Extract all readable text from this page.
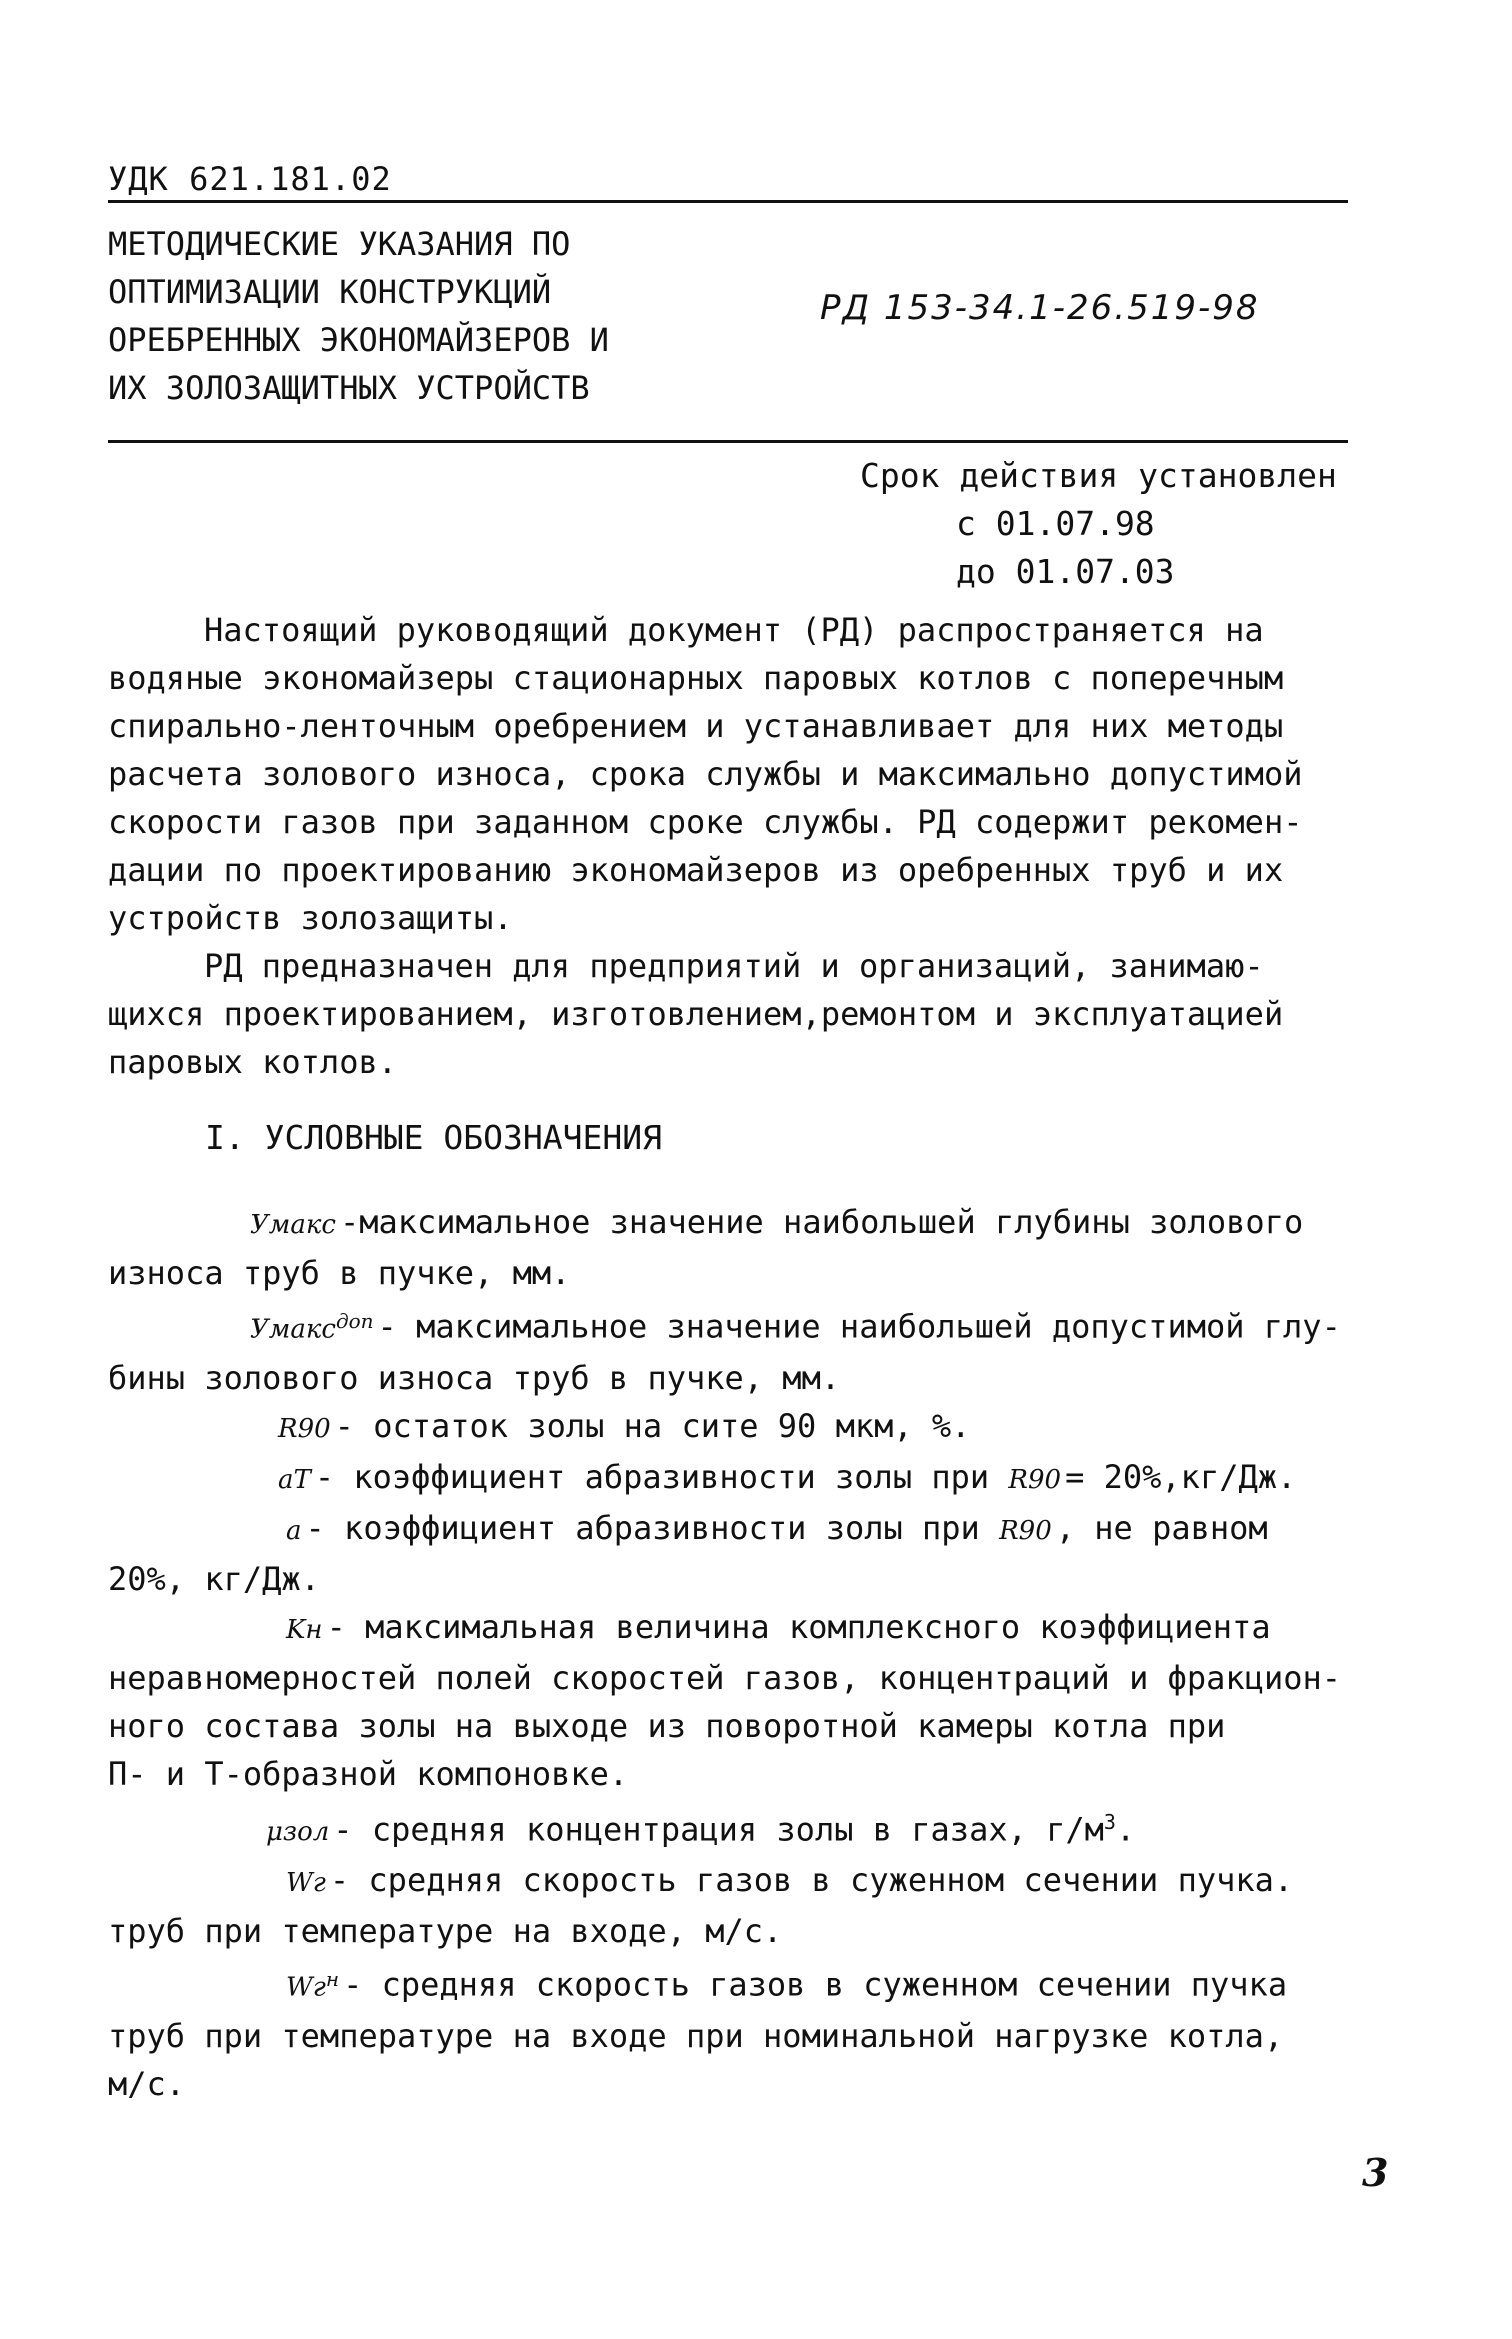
УДК 621.181.02
МЕТОДИЧЕСКИЕ УКАЗАНИЯ ПО
ОПТИМИЗАЦИИ КОНСТРУКЦИЙ
ОРЕБРЕННЫХ ЭКОНОМАЙЗЕРОВ И
ИХ ЗОЛОЗАЩИТНЫХ УСТРОЙСТВ
РД 153-34.1-26.519-98
Срок действия установлен
с 01.07.98
до 01.07.03
Настоящий руководящий документ (РД) распространяется на
водяные экономайзеры стационарных паровых котлов с поперечным
спирально-ленточным оребрением и устанавливает для них методы
расчета золового износа, срока службы и максимально допустимой
скорости газов при заданном сроке службы. РД содержит рекомен-
дации по проектированию экономайзеров из оребренных труб и их
устройств золозащиты.
РД предназначен для предприятий и организаций, занимаю-
щихся проектированием, изготовлением,ремонтом и эксплуатацией
паровых котлов.
I. УСЛОВНЫЕ ОБОЗНАЧЕНИЯ
Умакс -максимальное значение наибольшей глубины золового
износа труб в пучке, мм.
Умакс$^{доп}$ - максимальное значение наибольшей допустимой глу-
бины золового износа труб в пучке, мм.
R90 - остаток золы на сите 90 мкм, %.
aT - коэффициент абразивности золы при R90 = 20%,кг/Дж.
a - коэффициент абразивности золы при R90 , не равном
20%, кг/Дж.
Kн - максимальная величина комплексного коэффициента
неравномерностей полей скоростей газов, концентраций и фракцион-
ного состава золы на выходе из поворотной камеры котла при
П- и Т-образной компоновке.
μзол - средняя концентрация золы в газах, $г/м^3$.
Wг - средняя скорость газов в суженном сечении пучка.
труб при температуре на входе, м/с.
$Wг^н$ - средняя скорость газов в суженном сечении пучка
труб при температуре на входе при номинальной нагрузке котла,
м/с.
3
